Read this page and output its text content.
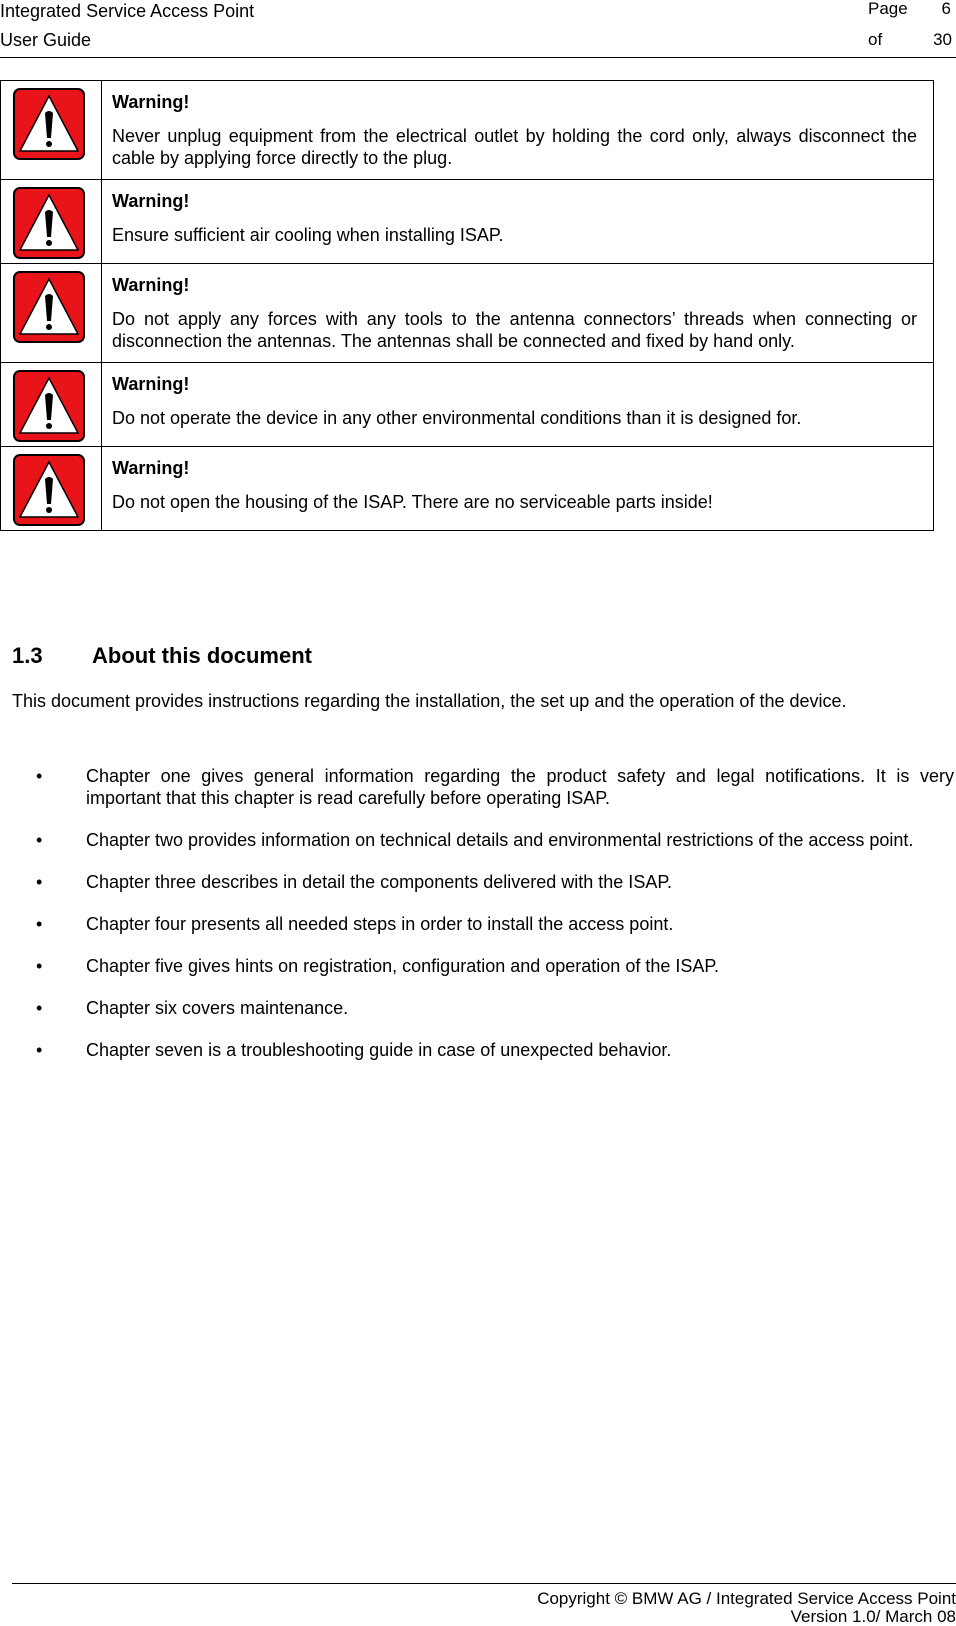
Integrated Service Access Point
User Guide
Page 6
of	30

Warning!
Never unplug equipment from the electrical outlet by holding the cord only, always disconnect the cable by applying force directly to the plug.

Warning!
Ensure sufficient air cooling when installing ISAP.

Warning!
Do not apply any forces with any tools to the antenna connectors’ threads when connecting or disconnection the antennas. The antennas shall be connected and fixed by hand only.

Warning!
Do not operate the device in any other environmental conditions than it is designed for.

Warning!
Do not open the housing of the ISAP. There are no serviceable parts inside!
1.3 About this document

This document provides instructions regarding the installation, the set up and the operation of the device.

• Chapter one gives general information regarding the product safety and legal notifications. It is very important that this chapter is read carefully before operating ISAP.
• Chapter two provides information on technical details and environmental restrictions of the access point.
• Chapter three describes in detail the components delivered with the ISAP.
• Chapter four presents all needed steps in order to install the access point.
• Chapter five gives hints on registration, configuration and operation of the ISAP.
• Chapter six covers maintenance.
• Chapter seven is a troubleshooting guide in case of unexpected behavior.
Copyright © BMW AG / Integrated Service Access Point
Version 1.0/ March 08
